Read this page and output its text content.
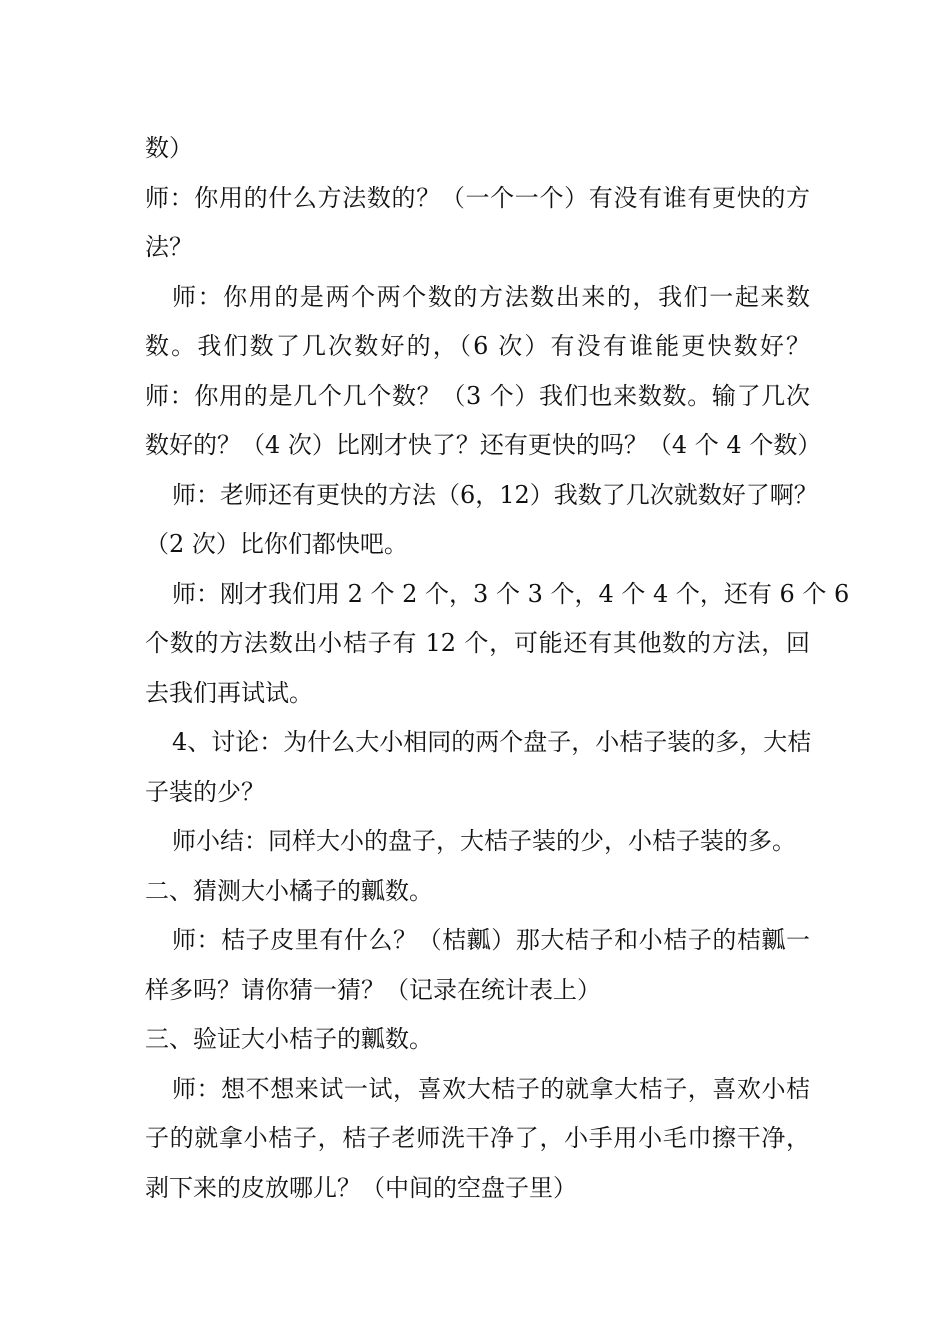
数）
师：你用的什么方法数的？（一个一个）有没有谁有更快的方
法？
师：你用的是两个两个数的方法数出来的，我们一起来数
数。我们数了几次数好的，（6 次）有没有谁能更快数好？
师：你用的是几个几个数？（3 个）我们也来数数。输了几次
数好的？（4 次）比刚才快了？还有更快的吗？（4 个 4 个数）
师：老师还有更快的方法（6，12）我数了几次就数好了啊？
（2 次）比你们都快吧。
师：刚才我们用 2 个 2 个，3 个 3 个，4 个 4 个，还有 6 个 6
个数的方法数出小桔子有 12 个，可能还有其他数的方法，回
去我们再试试。
4、讨论：为什么大小相同的两个盘子，小桔子装的多，大桔
子装的少？
师小结：同样大小的盘子，大桔子装的少，小桔子装的多。
二、猜测大小橘子的瓤数。
师：桔子皮里有什么？（桔瓤）那大桔子和小桔子的桔瓤一
样多吗？请你猜一猜？（记录在统计表上）
三、验证大小桔子的瓤数。
师：想不想来试一试，喜欢大桔子的就拿大桔子，喜欢小桔
子的就拿小桔子，桔子老师洗干净了，小手用小毛巾擦干净，
剥下来的皮放哪儿？（中间的空盘子里）
